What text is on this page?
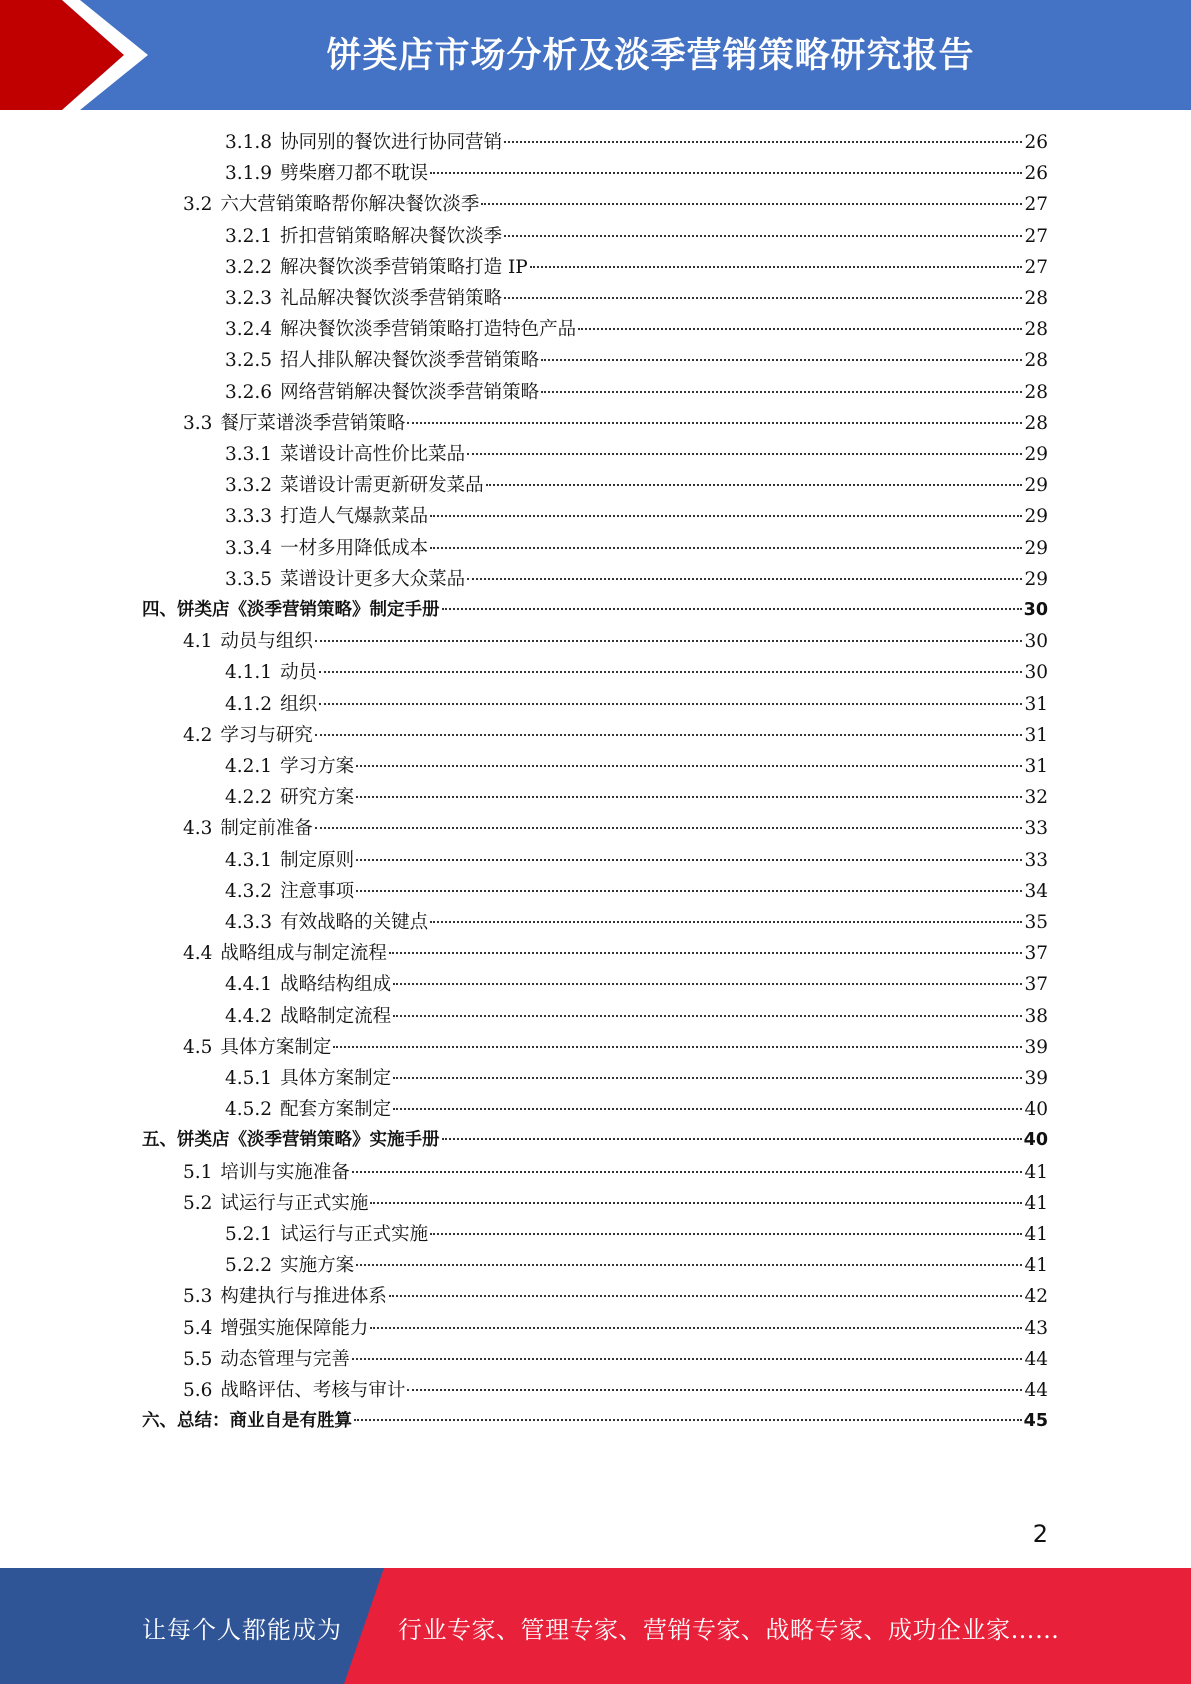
饼类店市场分析及淡季营销策略研究报告
3.1.8 协同别的餐饮进行协同营销	26
3.1.9 劈柴磨刀都不耽误	26
3.2 六大营销策略帮你解决餐饮淡季	27
3.2.1 折扣营销策略解决餐饮淡季	27
3.2.2 解决餐饮淡季营销策略打造 IP	27
3.2.3 礼品解决餐饮淡季营销策略	28
3.2.4 解决餐饮淡季营销策略打造特色产品	28
3.2.5 招人排队解决餐饮淡季营销策略	28
3.2.6 网络营销解决餐饮淡季营销策略	28
3.3 餐厅菜谱淡季营销策略	28
3.3.1 菜谱设计高性价比菜品	29
3.3.2 菜谱设计需更新研发菜品	29
3.3.3 打造人气爆款菜品	29
3.3.4 一材多用降低成本	29
3.3.5 菜谱设计更多大众菜品	29
四、饼类店《淡季营销策略》制定手册	30
4.1 动员与组织	30
4.1.1 动员	30
4.1.2 组织	31
4.2 学习与研究	31
4.2.1 学习方案	31
4.2.2 研究方案	32
4.3 制定前准备	33
4.3.1 制定原则	33
4.3.2 注意事项	34
4.3.3 有效战略的关键点	35
4.4 战略组成与制定流程	37
4.4.1 战略结构组成	37
4.4.2 战略制定流程	38
4.5 具体方案制定	39
4.5.1 具体方案制定	39
4.5.2 配套方案制定	40
五、饼类店《淡季营销策略》实施手册	40
5.1 培训与实施准备	41
5.2 试运行与正式实施	41
5.2.1 试运行与正式实施	41
5.2.2 实施方案	41
5.3 构建执行与推进体系	42
5.4 增强实施保障能力	43
5.5 动态管理与完善	44
5.6 战略评估、考核与审计	44
六、总结：商业自是有胜算	45
2
让每个人都能成为 行业专家、管理专家、营销专家、战略专家、成功企业家……
